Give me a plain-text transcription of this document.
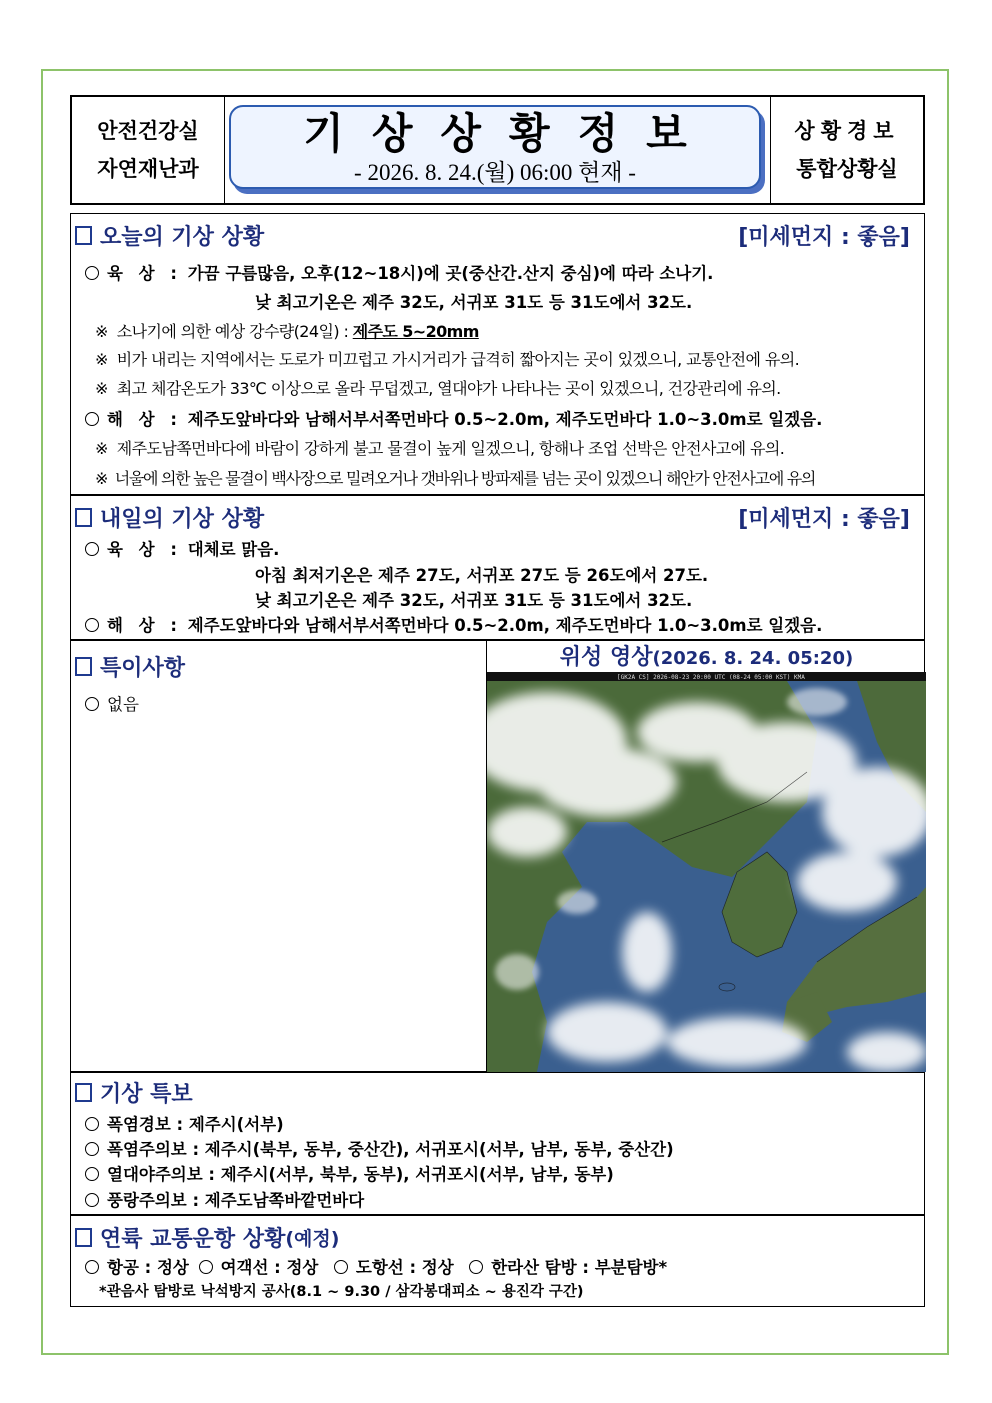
안전건강실
자연재난과
기상상황정보
- 2026. 8. 24.(월) 06:00 현재 -
상황경보
통합상황실
오늘의 기상 상황	[미세먼지 : 좋음]
육 상 : 가끔 구름많음, 오후(12~18시)에 곳(중산간.산지 중심)에 따라 소나기.
낮 최고기온은 제주 32도, 서귀포 31도 등 31도에서 32도.
※  소나기에 의한 예상 강수량(24일) : 제주도 5~20mm
※  비가 내리는 지역에서는 도로가 미끄럽고 가시거리가 급격히 짧아지는 곳이 있겠으니, 교통안전에 유의.
※  최고 체감온도가 33℃ 이상으로 올라 무덥겠고, 열대야가 나타나는 곳이 있겠으니, 건강관리에 유의.
해 상 : 제주도앞바다와 남해서부서쪽먼바다 0.5~2.0m, 제주도먼바다 1.0~3.0m로 일겠음.
※  제주도남쪽먼바다에 바람이 강하게 불고 물결이 높게 일겠으니, 항해나 조업 선박은 안전사고에 유의.
※  너울에 의한 높은 물결이 백사장으로 밀려오거나 갯바위나 방파제를 넘는 곳이 있겠으니 해안가 안전사고에 유의
내일의 기상 상황	[미세먼지 : 좋음]
육 상 : 대체로 맑음.
아침 최저기온은 제주 27도, 서귀포 27도 등 26도에서 27도.
낮 최고기온은 제주 32도, 서귀포 31도 등 31도에서 32도.
해 상 : 제주도앞바다와 남해서부서쪽먼바다 0.5~2.0m, 제주도먼바다 1.0~3.0m로 일겠음.
특이사항
없음
위성 영상(2026. 8. 24. 05:20)
[GK2A CS] 2026-08-23 20:00 UTC (08-24 05:00 KST) KMA
기상 특보
폭염경보 : 제주시(서부)
폭염주의보 : 제주시(북부, 동부, 중산간), 서귀포시(서부, 남부, 동부, 중산간)
열대야주의보 : 제주시(서부, 북부, 동부), 서귀포시(서부, 남부, 동부)
풍랑주의보 : 제주도남쪽바깥먼바다
연륙 교통운항 상황 (예정)
항공 : 정상 여객선 : 정상 도항선 : 정상 한라산 탐방 : 부분탐방*
*관음사 탐방로 낙석방지 공사(8.1 ~ 9.30 / 삼각봉대피소 ~ 용진각 구간)
